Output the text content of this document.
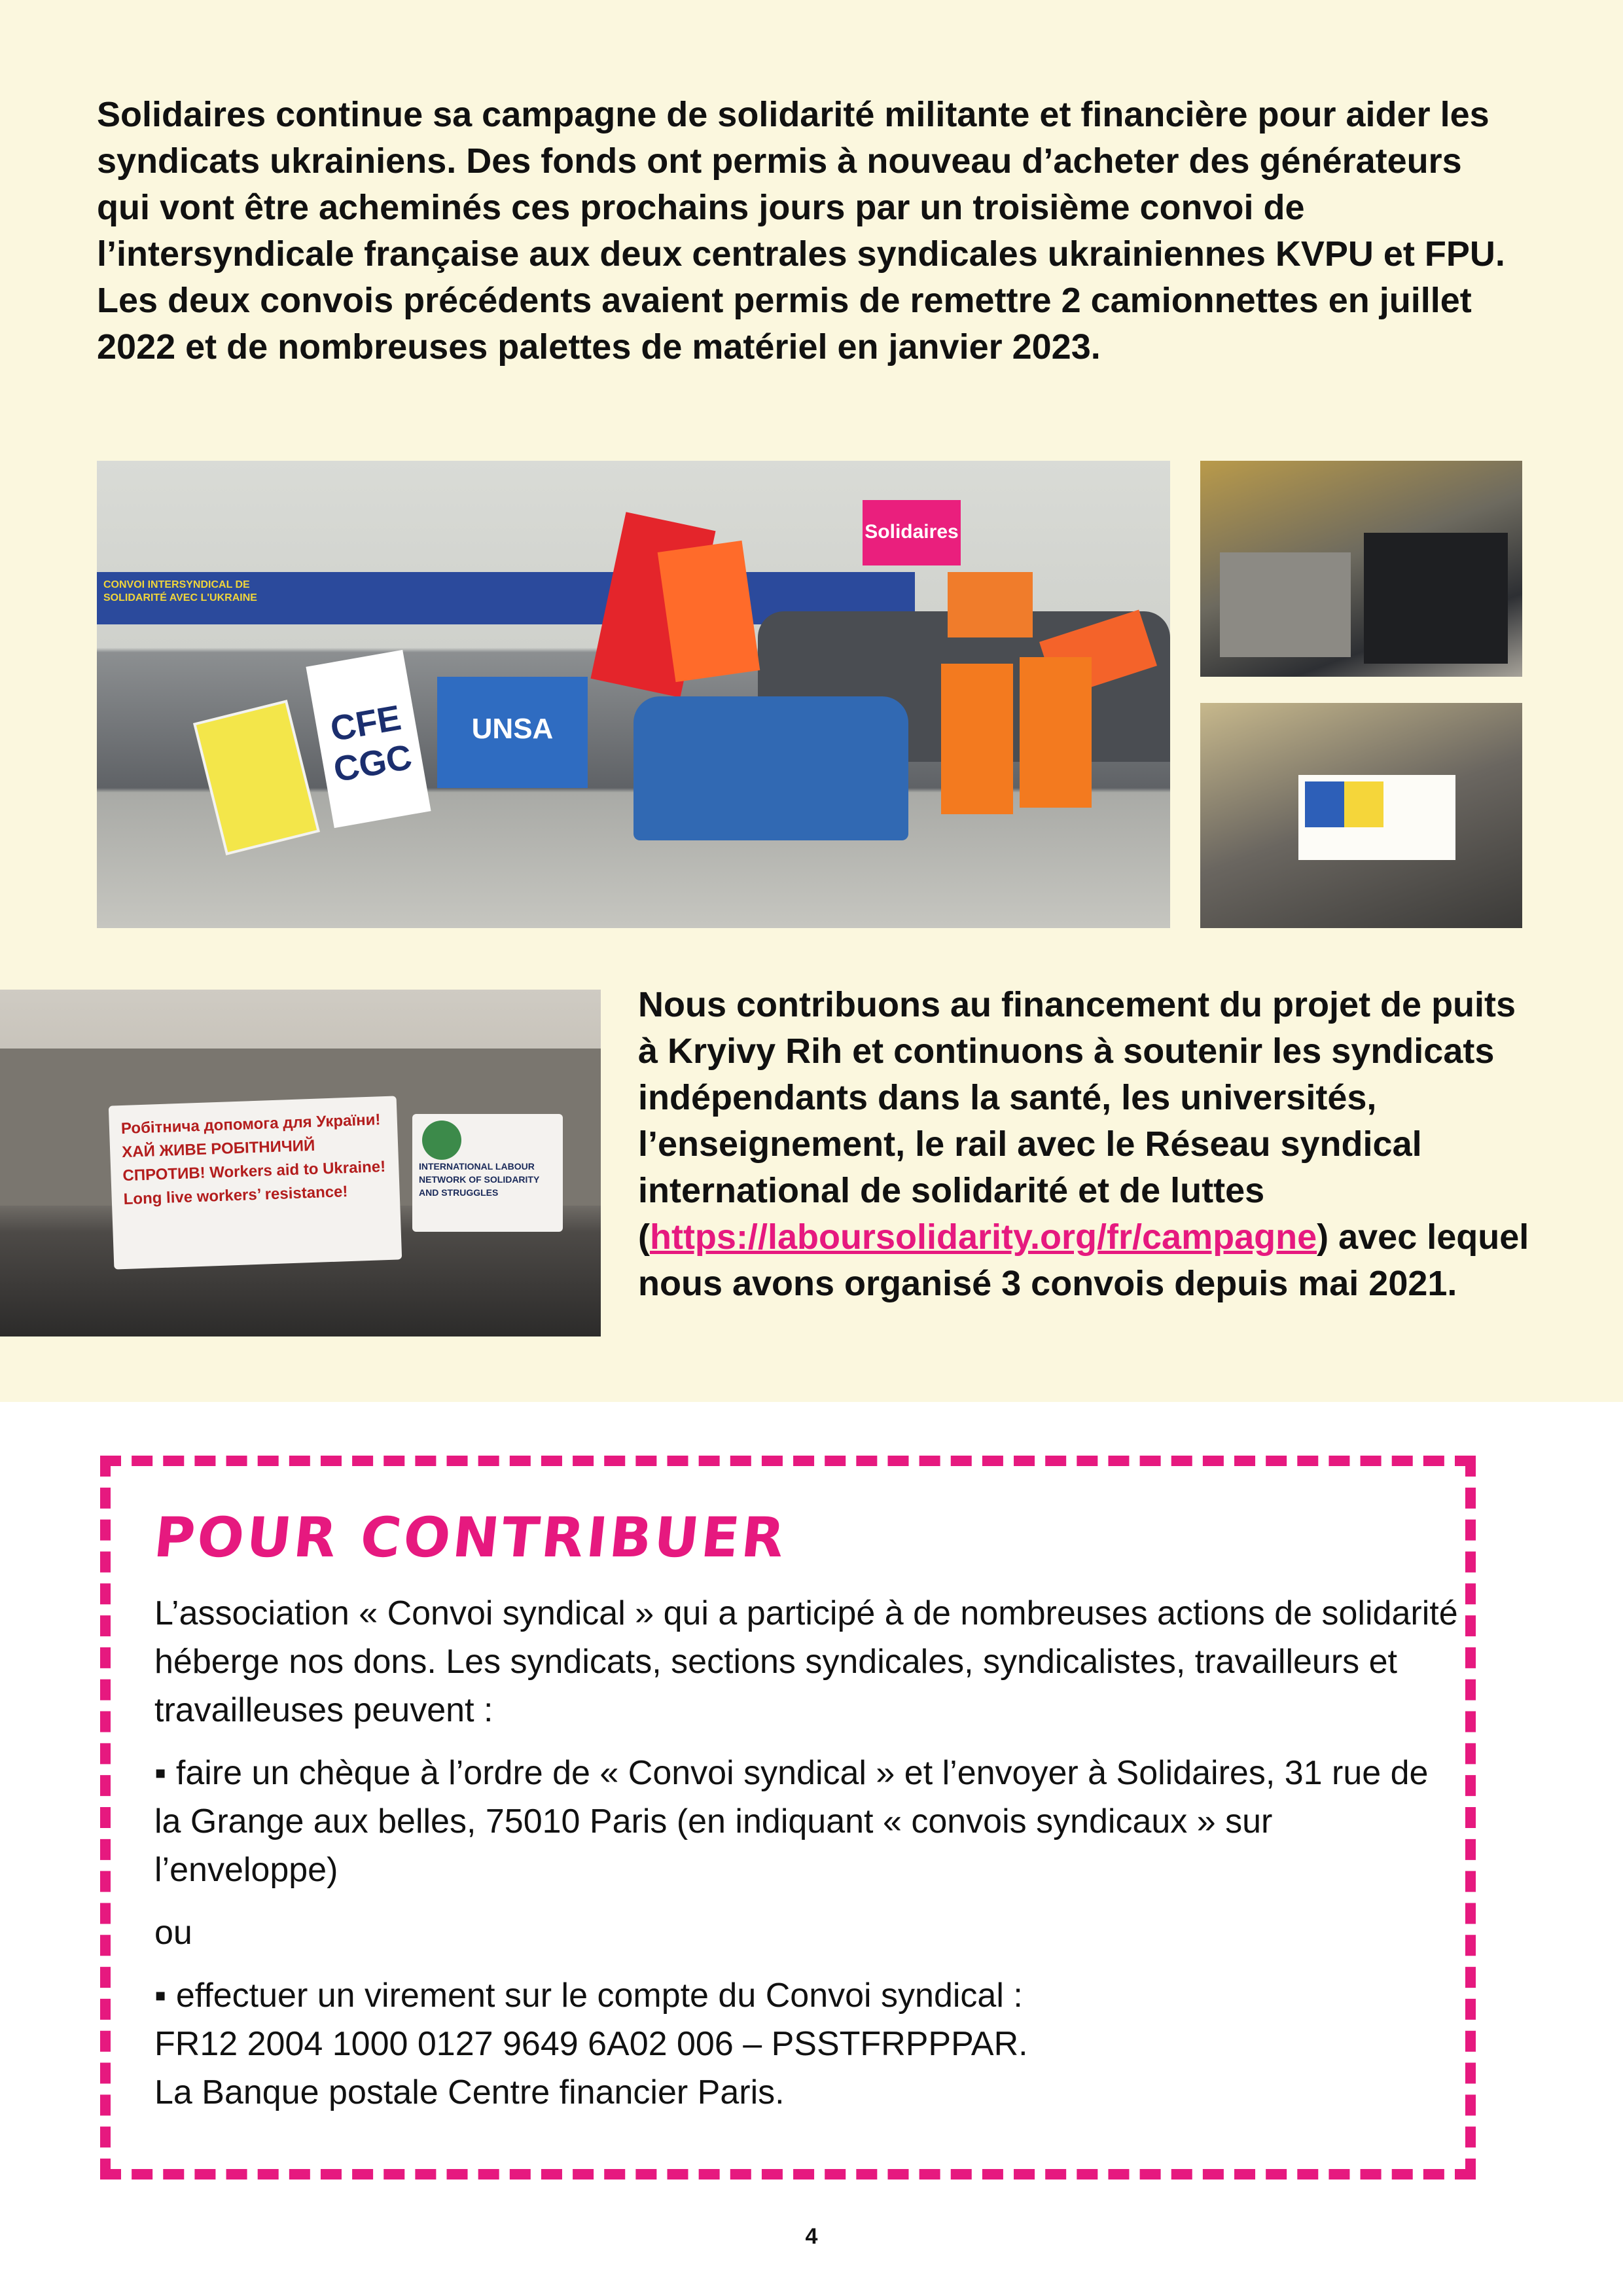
Solidaires continue sa campagne de solidarité militante et financière pour aider les syndicats ukrainiens. Des fonds ont permis à nouveau d’acheter des générateurs qui vont être acheminés ces prochains jours par un troisième convoi de l’intersyndicale française aux deux centrales syndicales ukrainiennes KVPU et FPU. Les deux convois précédents avaient permis de remettre 2 camionnettes en juillet 2022 et de nombreuses palettes de matériel en janvier 2023.

CONVOI INTERSYNDICAL DE SOLIDARITÉ AVEC L'UKRAINE
CFE CGC
UNSA
Solidaires
Робітнича допомога для України! ХАЙ ЖИВЕ РОБІТНИЧИЙ СПРОТИВ! Workers aid to Ukraine! Long live workers’ resistance!
INTERNATIONAL LABOUR NETWORK OF SOLIDARITY AND STRUGGLES

Nous contribuons au financement du projet de puits à Kryivy Rih et continuons à soutenir les syndicats indépendants dans la santé, les universités, l’enseignement, le rail avec le Réseau syndical international de solidarité et de luttes (https://laboursolidarity.org/fr/campagne) avec lequel nous avons organisé 3 convois depuis mai 2021.

POUR CONTRIBUER

L’association « Convoi syndical » qui a participé à de nombreuses actions de solidarité héberge nos dons. Les syndicats, sections syndicales, syndicalistes, travailleurs et travailleuses peuvent :

▪ faire un chèque à l’ordre de « Convoi syndical » et l’envoyer à Solidaires, 31 rue de la Grange aux belles, 75010 Paris (en indiquant « convois syndicaux » sur l’enveloppe)

ou

▪ effectuer un virement sur le compte du Convoi syndical :

FR12 2004 1000 0127 9649 6A02 006 – PSSTFRPPPAR.

La Banque postale Centre financier Paris.

4
